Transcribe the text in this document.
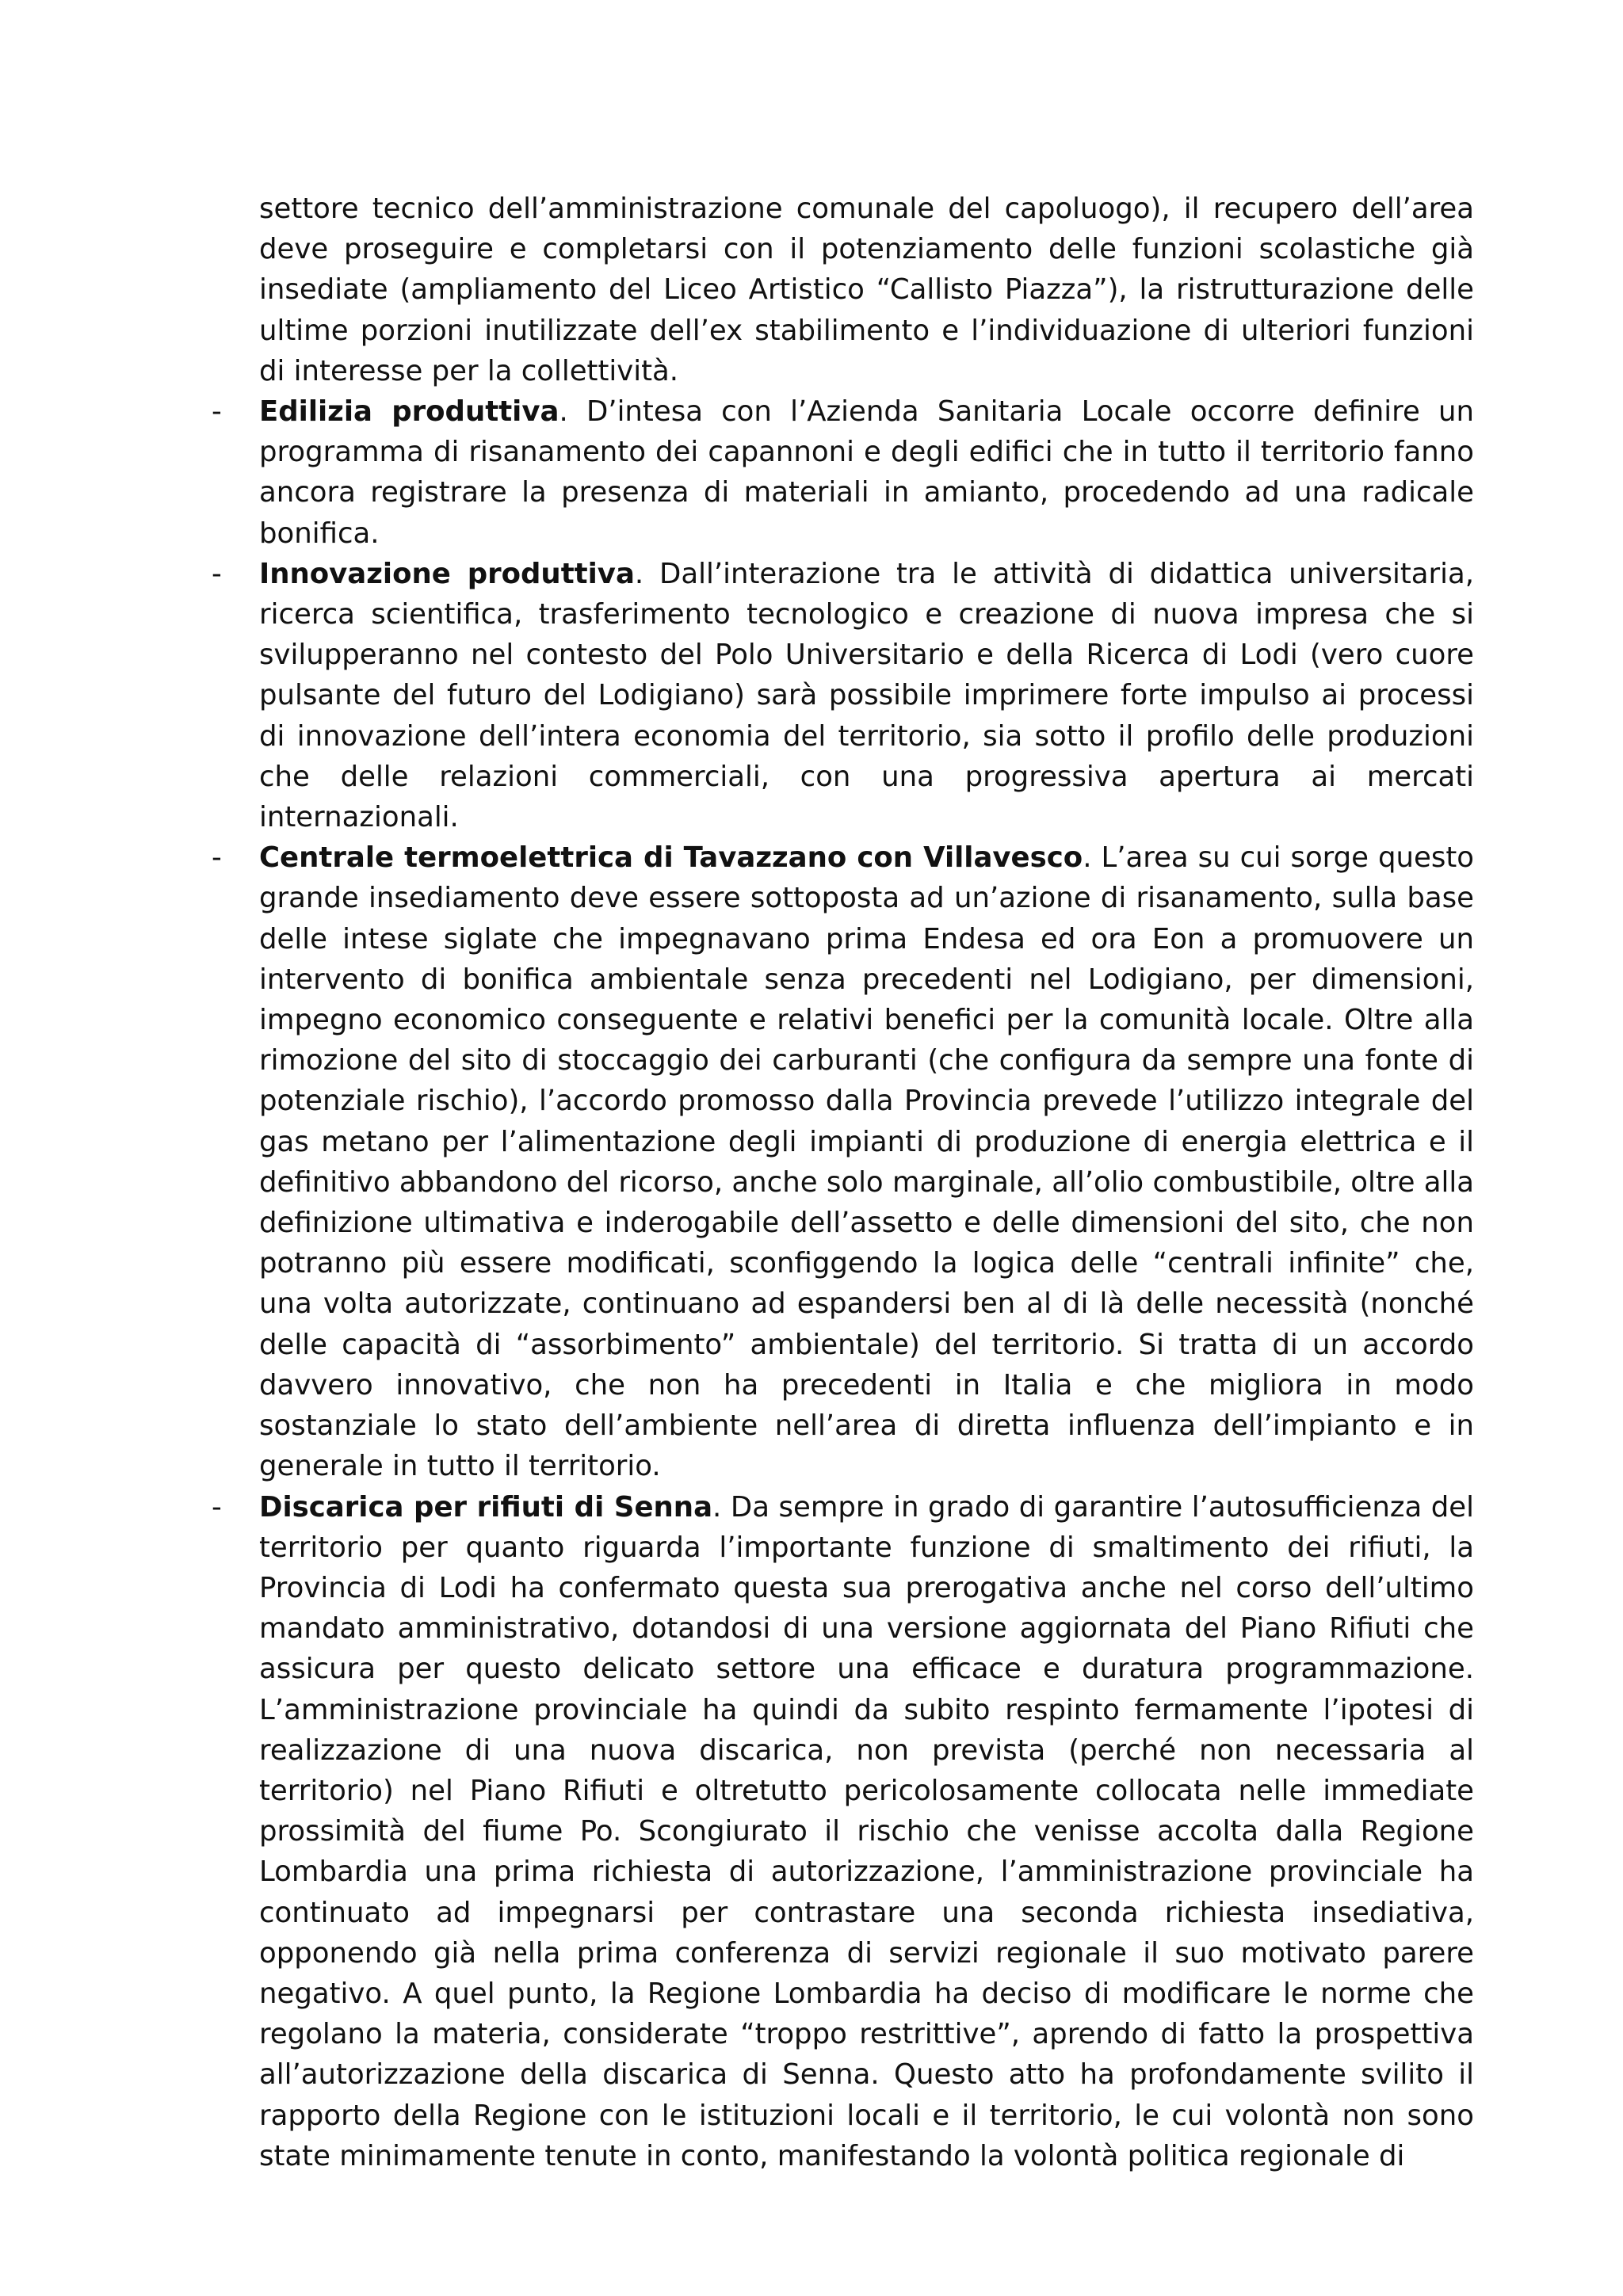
settore tecnico dell’amministrazione comunale del capoluogo), il recupero dell’area deve proseguire e completarsi con il potenziamento delle funzioni scolastiche già insediate (ampliamento del Liceo Artistico “Callisto Piazza”), la ristrutturazione delle ultime porzioni inutilizzate dell’ex stabilimento e l’individuazione di ulteriori funzioni di interesse per la collettività.

- Edilizia produttiva. D’intesa con l’Azienda Sanitaria Locale occorre definire un programma di risanamento dei capannoni e degli edifici che in tutto il territorio fanno ancora registrare la presenza di materiali in amianto, procedendo ad una radicale bonifica.

- Innovazione produttiva. Dall’interazione tra le attività di didattica universitaria, ricerca scientifica, trasferimento tecnologico e creazione di nuova impresa che si svilupperanno nel contesto del Polo Universitario e della Ricerca di Lodi (vero cuore pulsante del futuro del Lodigiano) sarà possibile imprimere forte impulso ai processi di innovazione dell’intera economia del territorio, sia sotto il profilo delle produzioni che delle relazioni commerciali, con una progressiva apertura ai mercati internazionali.

- Centrale termoelettrica di Tavazzano con Villavesco. L’area su cui sorge questo grande insediamento deve essere sottoposta ad un’azione di risanamento, sulla base delle intese siglate che impegnavano prima Endesa ed ora Eon a promuovere un intervento di bonifica ambientale senza precedenti nel Lodigiano, per dimensioni, impegno economico conseguente e relativi benefici per la comunità locale. Oltre alla rimozione del sito di stoccaggio dei carburanti (che configura da sempre una fonte di potenziale rischio), l’accordo promosso dalla Provincia prevede l’utilizzo integrale del gas metano per l’alimentazione degli impianti di produzione di energia elettrica e il definitivo abbandono del ricorso, anche solo marginale, all’olio combustibile, oltre alla definizione ultimativa e inderogabile dell’assetto e delle dimensioni del sito, che non potranno più essere modificati, sconfiggendo la logica delle “centrali infinite” che, una volta autorizzate, continuano ad espandersi ben al di là delle necessità (nonché delle capacità di “assorbimento” ambientale) del territorio. Si tratta di un accordo davvero innovativo, che non ha precedenti in Italia e che migliora in modo sostanziale lo stato dell’ambiente nell’area di diretta influenza dell’impianto e in generale in tutto il territorio.

- Discarica per rifiuti di Senna. Da sempre in grado di garantire l’autosufficienza del territorio per quanto riguarda l’importante funzione di smaltimento dei rifiuti, la Provincia di Lodi ha confermato questa sua prerogativa anche nel corso dell’ultimo mandato amministrativo, dotandosi di una versione aggiornata del Piano Rifiuti che assicura per questo delicato settore una efficace e duratura programmazione. L’amministrazione provinciale ha quindi da subito respinto fermamente l’ipotesi di realizzazione di una nuova discarica, non prevista (perché non necessaria al territorio) nel Piano Rifiuti e oltretutto pericolosamente collocata nelle immediate prossimità del fiume Po. Scongiurato il rischio che venisse accolta dalla Regione Lombardia una prima richiesta di autorizzazione, l’amministrazione provinciale ha continuato ad impegnarsi per contrastare una seconda richiesta insediativa, opponendo già nella prima conferenza di servizi regionale il suo motivato parere negativo. A quel punto, la Regione Lombardia ha deciso di modificare le norme che regolano la materia, considerate “troppo restrittive”, aprendo di fatto la prospettiva all’autorizzazione della discarica di Senna. Questo atto ha profondamente svilito il rapporto della Regione con le istituzioni locali e il territorio, le cui volontà non sono state minimamente tenute in conto, manifestando la volontà politica regionale di
